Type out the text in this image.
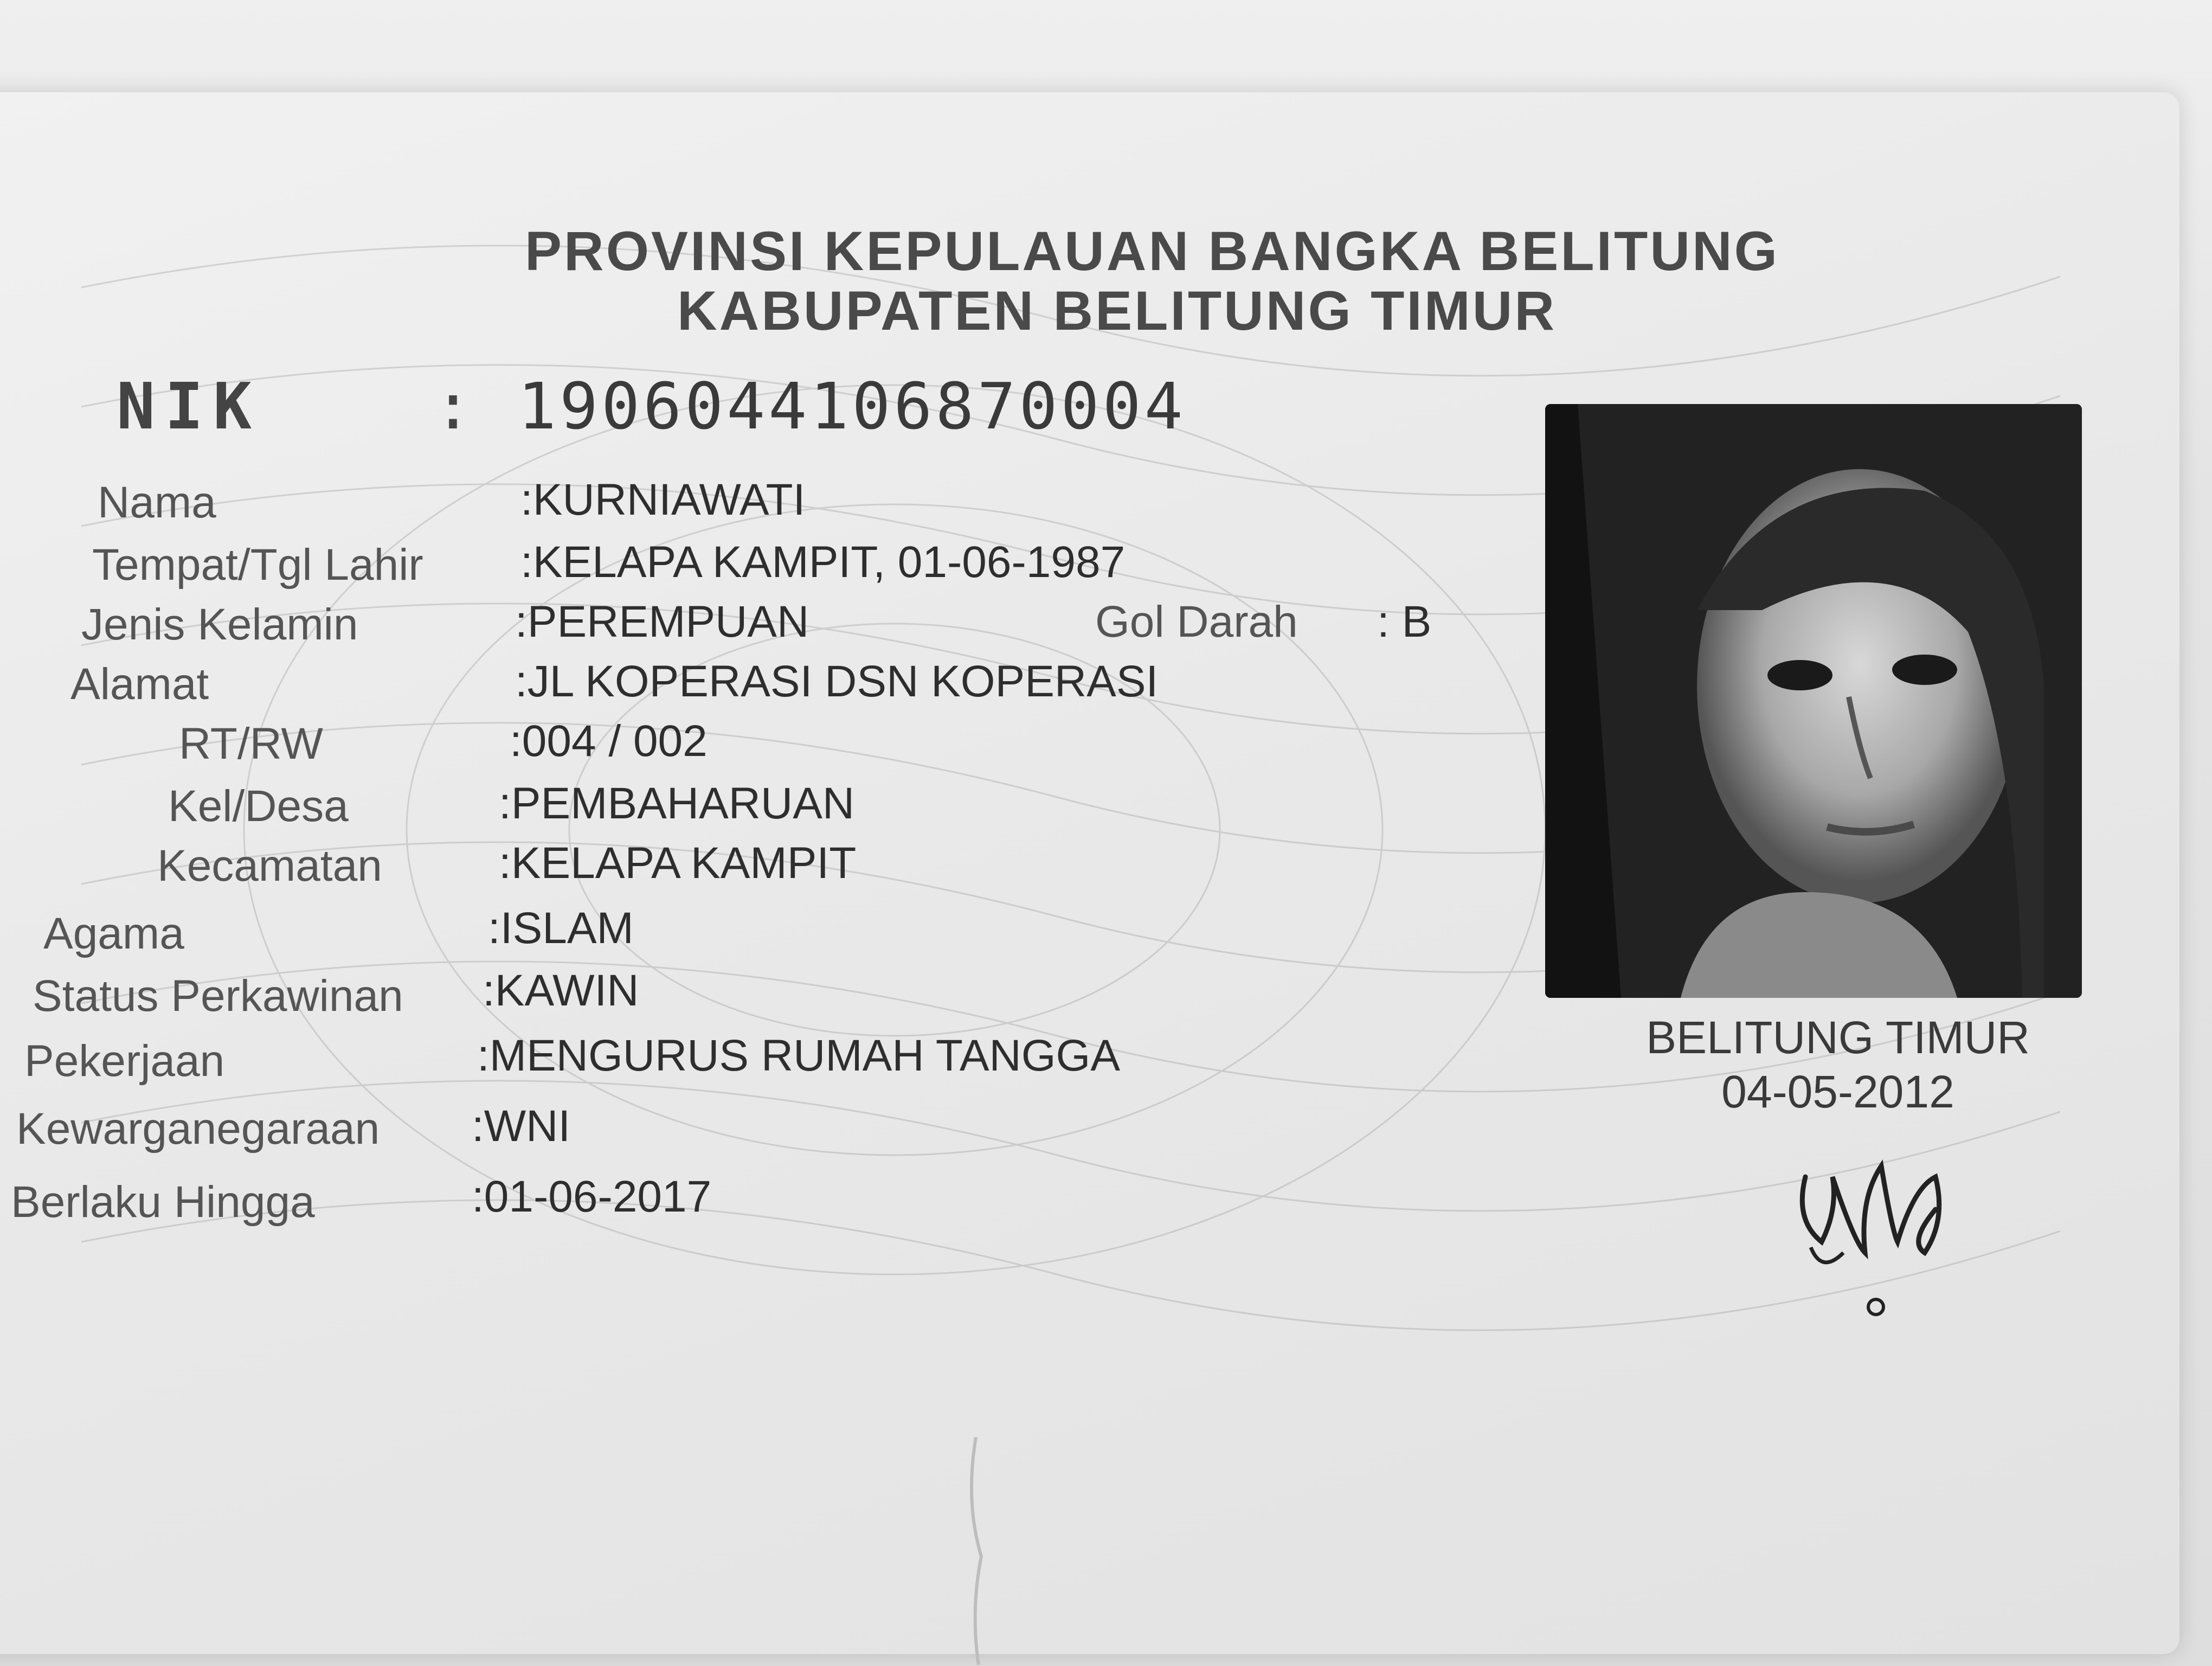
PROVINSI KEPULAUAN BANGKA BELITUNG
KABUPATEN BELITUNG TIMUR
NIK	: 1906044106870004
Nama	:KURNIAWATI
Tempat/Tgl Lahir :KELAPA KAMPIT, 01-06-1987
Jenis Kelamin	:PEREMPUAN	Gol Darah : B
Alamat	:JL KOPERASI DSN KOPERASI
RT/RW	:004 / 002
Kel/Desa	:PEMBAHARUAN
Kecamatan	:KELAPA KAMPIT
Agama	:ISLAM
Status Perkawinan :KAWIN
Pekerjaan	:MENGURUS RUMAH TANGGA
Kewarganegaraan :WNI
Berlaku Hingga	:01-06-2017
BELITUNG TIMUR
04-05-2012
